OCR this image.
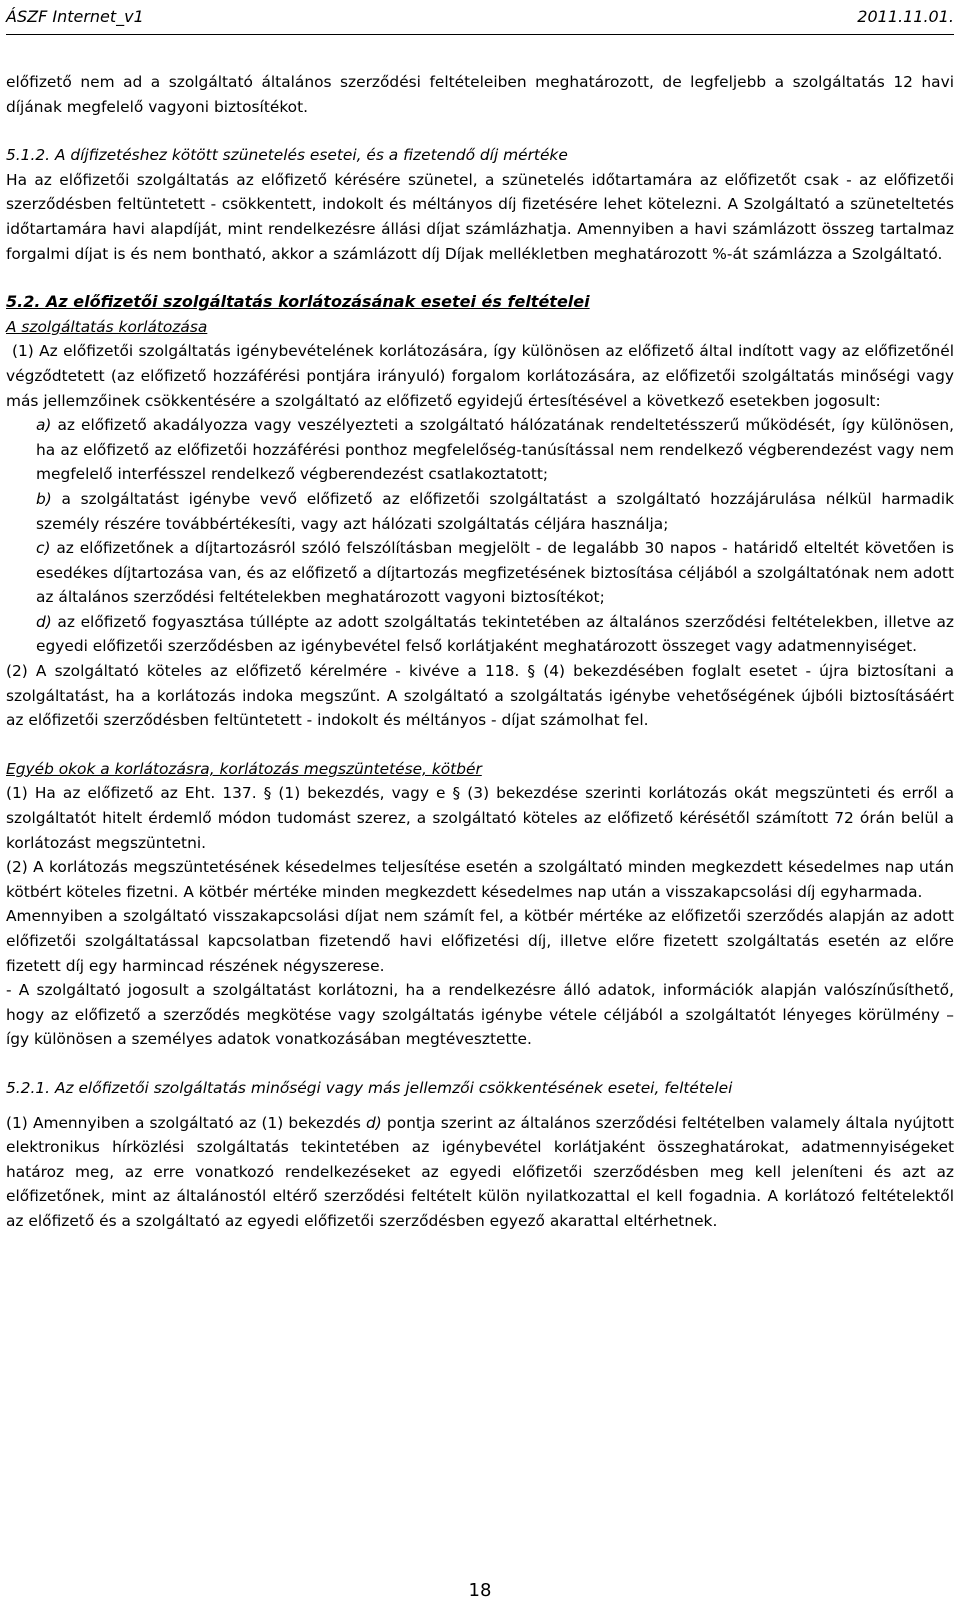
ÁSZF Internet_v1	2011.11.01.

előfizető nem ad a szolgáltató általános szerződési feltételeiben meghatározott, de legfeljebb a szolgáltatás 12 havi díjának megfelelő vagyoni biztosítékot.

5.1.2. A díjfizetéshez kötött szünetelés esetei, és a fizetendő díj mértéke

Ha az előfizetői szolgáltatás az előfizető kérésére szünetel, a szünetelés időtartamára az előfizetőt csak - az előfizetői szerződésben feltüntetett - csökkentett, indokolt és méltányos díj fizetésére lehet kötelezni. A Szolgáltató a szüneteltetés időtartamára havi alapdíját, mint rendelkezésre állási díjat számlázhatja. Amennyiben a havi számlázott összeg tartalmaz forgalmi díjat is és nem bontható, akkor a számlázott díj Díjak mellékletben meghatározott %-át számlázza a Szolgáltató.

5.2. Az előfizetői szolgáltatás korlátozásának esetei és feltételei

A szolgáltatás korlátozása

(1) Az előfizetői szolgáltatás igénybevételének korlátozására, így különösen az előfizető által indított vagy az előfizetőnél végződtetett (az előfizető hozzáférési pontjára irányuló) forgalom korlátozására, az előfizetői szolgáltatás minőségi vagy más jellemzőinek csökkentésére a szolgáltató az előfizető egyidejű értesítésével a következő esetekben jogosult:

a) az előfizető akadályozza vagy veszélyezteti a szolgáltató hálózatának rendeltetésszerű működését, így különösen, ha az előfizető az előfizetői hozzáférési ponthoz megfelelőség-tanúsítással nem rendelkező végberendezést vagy nem megfelelő interfésszel rendelkező végberendezést csatlakoztatott;

b) a szolgáltatást igénybe vevő előfizető az előfizetői szolgáltatást a szolgáltató hozzájárulása nélkül harmadik személy részére továbbértékesíti, vagy azt hálózati szolgáltatás céljára használja;

c) az előfizetőnek a díjtartozásról szóló felszólításban megjelölt - de legalább 30 napos - határidő elteltét követően is esedékes díjtartozása van, és az előfizető a díjtartozás megfizetésének biztosítása céljából a szolgáltatónak nem adott az általános szerződési feltételekben meghatározott vagyoni biztosítékot;

d) az előfizető fogyasztása túllépte az adott szolgáltatás tekintetében az általános szerződési feltételekben, illetve az egyedi előfizetői szerződésben az igénybevétel felső korlátjaként meghatározott összeget vagy adatmennyiséget.

(2) A szolgáltató köteles az előfizető kérelmére - kivéve a 118. § (4) bekezdésében foglalt esetet - újra biztosítani a szolgáltatást, ha a korlátozás indoka megszűnt. A szolgáltató a szolgáltatás igénybe vehetőségének újbóli biztosításáért az előfizetői szerződésben feltüntetett - indokolt és méltányos - díjat számolhat fel.

Egyéb okok a korlátozásra, korlátozás megszüntetése, kötbér

(1) Ha az előfizető az Eht. 137. § (1) bekezdés, vagy e § (3) bekezdése szerinti korlátozás okát megszünteti és erről a szolgáltatót hitelt érdemlő módon tudomást szerez, a szolgáltató köteles az előfizető kérésétől számított 72 órán belül a korlátozást megszüntetni.

(2) A korlátozás megszüntetésének késedelmes teljesítése esetén a szolgáltató minden megkezdett késedelmes nap után kötbért köteles fizetni. A kötbér mértéke minden megkezdett késedelmes nap után a visszakapcsolási díj egyharmada.

Amennyiben a szolgáltató visszakapcsolási díjat nem számít fel, a kötbér mértéke az előfizetői szerződés alapján az adott előfizetői szolgáltatással kapcsolatban fizetendő havi előfizetési díj, illetve előre fizetett szolgáltatás esetén az előre fizetett díj egy harmincad részének négyszerese.

- A szolgáltató jogosult a szolgáltatást korlátozni, ha a rendelkezésre álló adatok, információk alapján valószínűsíthető, hogy az előfizető a szerződés megkötése vagy szolgáltatás igénybe vétele céljából a szolgáltatót lényeges körülmény – így különösen a személyes adatok vonatkozásában megtévesztette.

5.2.1. Az előfizetői szolgáltatás minőségi vagy más jellemzői csökkentésének esetei, feltételei

(1) Amennyiben a szolgáltató az (1) bekezdés d) pontja szerint az általános szerződési feltételben valamely általa nyújtott elektronikus hírközlési szolgáltatás tekintetében az igénybevétel korlátjaként összeghatárokat, adatmennyiségeket határoz meg, az erre vonatkozó rendelkezéseket az egyedi előfizetői szerződésben meg kell jeleníteni és azt az előfizetőnek, mint az általánostól eltérő szerződési feltételt külön nyilatkozattal el kell fogadnia. A korlátozó feltételektől az előfizető és a szolgáltató az egyedi előfizetői szerződésben egyező akarattal eltérhetnek.

18
